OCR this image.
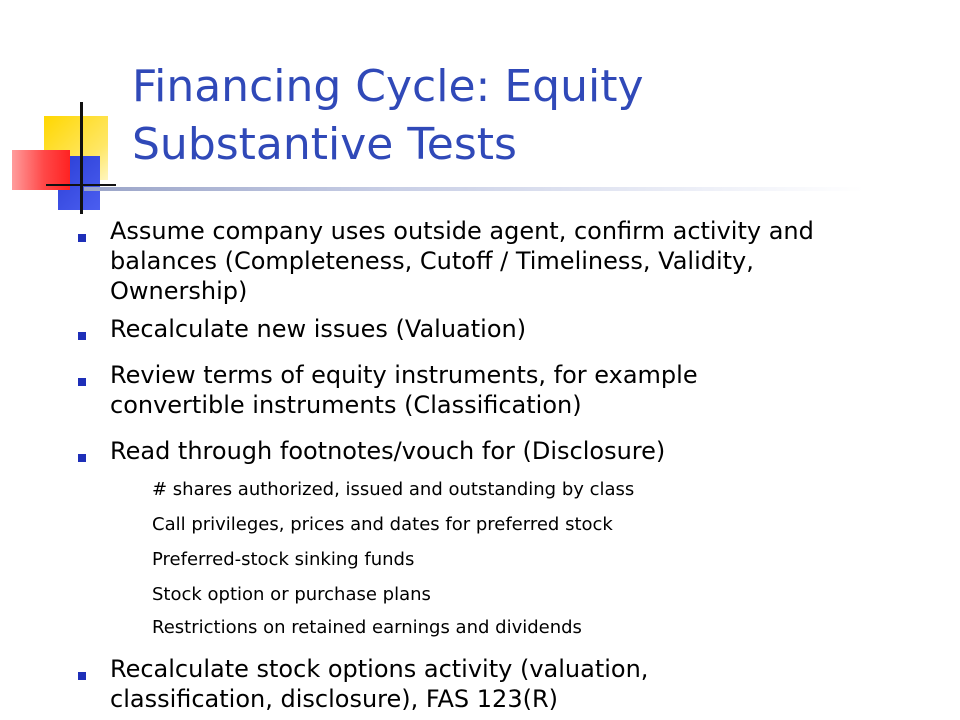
Financing Cycle: Equity
Substantive Tests
Assume company uses outside agent, confirm activity and
balances (Completeness, Cutoff / Timeliness, Validity,
Ownership)
Recalculate new issues (Valuation)
Review terms of equity instruments, for example
convertible instruments (Classification)
Read through footnotes/vouch for (Disclosure)
# shares authorized, issued and outstanding by class
Call privileges, prices and dates for preferred stock
Preferred-stock sinking funds
Stock option or purchase plans
Restrictions on retained earnings and dividends
Recalculate stock options activity (valuation,
classification, disclosure), FAS 123(R)
